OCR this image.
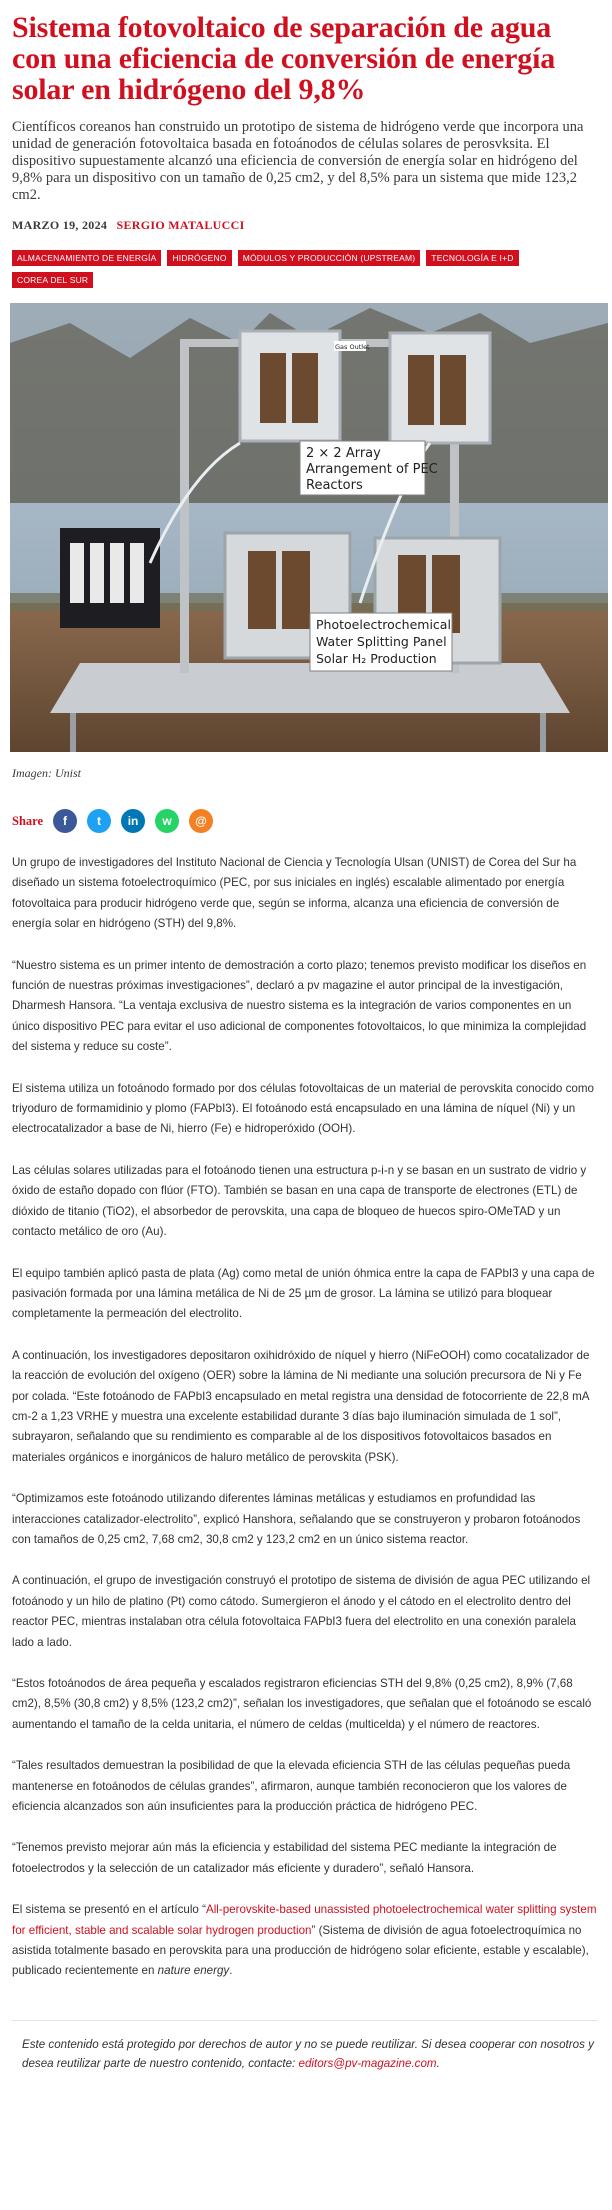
Sistema fotovoltaico de separación de agua con una eficiencia de conversión de energía solar en hidrógeno del 9,8%

Científicos coreanos han construido un prototipo de sistema de hidrógeno verde que incorpora una unidad de generación fotovoltaica basada en fotoánodos de células solares de perosvksita. El dispositivo supuestamente alcanzó una eficiencia de conversión de energía solar en hidrógeno del 9,8% para un dispositivo con un tamaño de 0,25 cm2, y del 8,5% para un sistema que mide 123,2 cm2.

MARZO 19, 2024 SERGIO MATALUCCI
ALMACENAMIENTO DE ENERGÍA HIDRÓGENO MÓDULOS Y PRODUCCIÓN (UPSTREAM) TECNOLOGÍA E I+DCOREA DEL SUR
2 × 2 Array Arrangement of PEC Reactors
Photoelectrochemical Water Splitting Panel Solar H₂ Production
Gas Outlet
Imagen: Unist
Share f	t in w @

Un grupo de investigadores del Instituto Nacional de Ciencia y Tecnología Ulsan (UNIST) de Corea del Sur ha diseñado un sistema fotoelectroquímico (PEC, por sus iniciales en inglés) escalable alimentado por energía fotovoltaica para producir hidrógeno verde que, según se informa, alcanza una eficiencia de conversión de energía solar en hidrógeno (STH) del 9,8%.

“Nuestro sistema es un primer intento de demostración a corto plazo; tenemos previsto modificar los diseños en función de nuestras próximas investigaciones”, declaró a pv magazine el autor principal de la investigación, Dharmesh Hansora. “La ventaja exclusiva de nuestro sistema es la integración de varios componentes en un único dispositivo PEC para evitar el uso adicional de componentes fotovoltaicos, lo que minimiza la complejidad del sistema y reduce su coste”.

El sistema utiliza un fotoánodo formado por dos células fotovoltaicas de un material de perovskita conocido como triyoduro de formamidinio y plomo (FAPbI3). El fotoánodo está encapsulado en una lámina de níquel (Ni) y un electrocatalizador a base de Ni, hierro (Fe) e hidroperóxido (OOH).

Las células solares utilizadas para el fotoánodo tienen una estructura p-i-n y se basan en un sustrato de vidrio y óxido de estaño dopado con flúor (FTO). También se basan en una capa de transporte de electrones (ETL) de dióxido de titanio (TiO2), el absorbedor de perovskita, una capa de bloqueo de huecos spiro-OMeTAD y un contacto metálico de oro (Au).

El equipo también aplicó pasta de plata (Ag) como metal de unión óhmica entre la capa de FAPbI3 y una capa de pasivación formada por una lámina metálica de Ni de 25 µm de grosor. La lámina se utilizó para bloquear completamente la permeación del electrolito.

A continuación, los investigadores depositaron oxihidróxido de níquel y hierro (NiFeOOH) como cocatalizador de la reacción de evolución del oxígeno (OER) sobre la lámina de Ni mediante una solución precursora de Ni y Fe por colada. “Este fotoánodo de FAPbI3 encapsulado en metal registra una densidad de fotocorriente de 22,8 mA cm-2 a 1,23 VRHE y muestra una excelente estabilidad durante 3 días bajo iluminación simulada de 1 sol”, subrayaron, señalando que su rendimiento es comparable al de los dispositivos fotovoltaicos basados en materiales orgánicos e inorgánicos de haluro metálico de perovskita (PSK).

“Optimizamos este fotoánodo utilizando diferentes láminas metálicas y estudiamos en profundidad las interacciones catalizador-electrolito”, explicó Hanshora, señalando que se construyeron y probaron fotoánodos con tamaños de 0,25 cm2, 7,68 cm2, 30,8 cm2 y 123,2 cm2 en un único sistema reactor.

A continuación, el grupo de investigación construyó el prototipo de sistema de división de agua PEC utilizando el fotoánodo y un hilo de platino (Pt) como cátodo. Sumergieron el ánodo y el cátodo en el electrolito dentro del reactor PEC, mientras instalaban otra célula fotovoltaica FAPbI3 fuera del electrolito en una conexión paralela lado a lado.

“Estos fotoánodos de área pequeña y escalados registraron eficiencias STH del 9,8% (0,25 cm2), 8,9% (7,68 cm2), 8,5% (30,8 cm2) y 8,5% (123,2 cm2)”, señalan los investigadores, que señalan que el fotoánodo se escaló aumentando el tamaño de la celda unitaria, el número de celdas (multicelda) y el número de reactores.

“Tales resultados demuestran la posibilidad de que la elevada eficiencia STH de las células pequeñas pueda mantenerse en fotoánodos de células grandes”, afirmaron, aunque también reconocieron que los valores de eficiencia alcanzados son aún insuficientes para la producción práctica de hidrógeno PEC.

“Tenemos previsto mejorar aún más la eficiencia y estabilidad del sistema PEC mediante la integración de fotoelectrodos y la selección de un catalizador más eficiente y duradero”, señaló Hansora.

El sistema se presentó en el artículo “All-perovskite-based unassisted photoelectrochemical water splitting system for efficient, stable and scalable solar hydrogen production” (Sistema de división de agua fotoelectroquímica no asistida totalmente basado en perovskita para una producción de hidrógeno solar eficiente, estable y escalable), publicado recientemente en nature energy.

Este contenido está protegido por derechos de autor y no se puede reutilizar. Si desea cooperar con nosotros y desea reutilizar parte de nuestro contenido, contacte: editors@pv-magazine.com.
